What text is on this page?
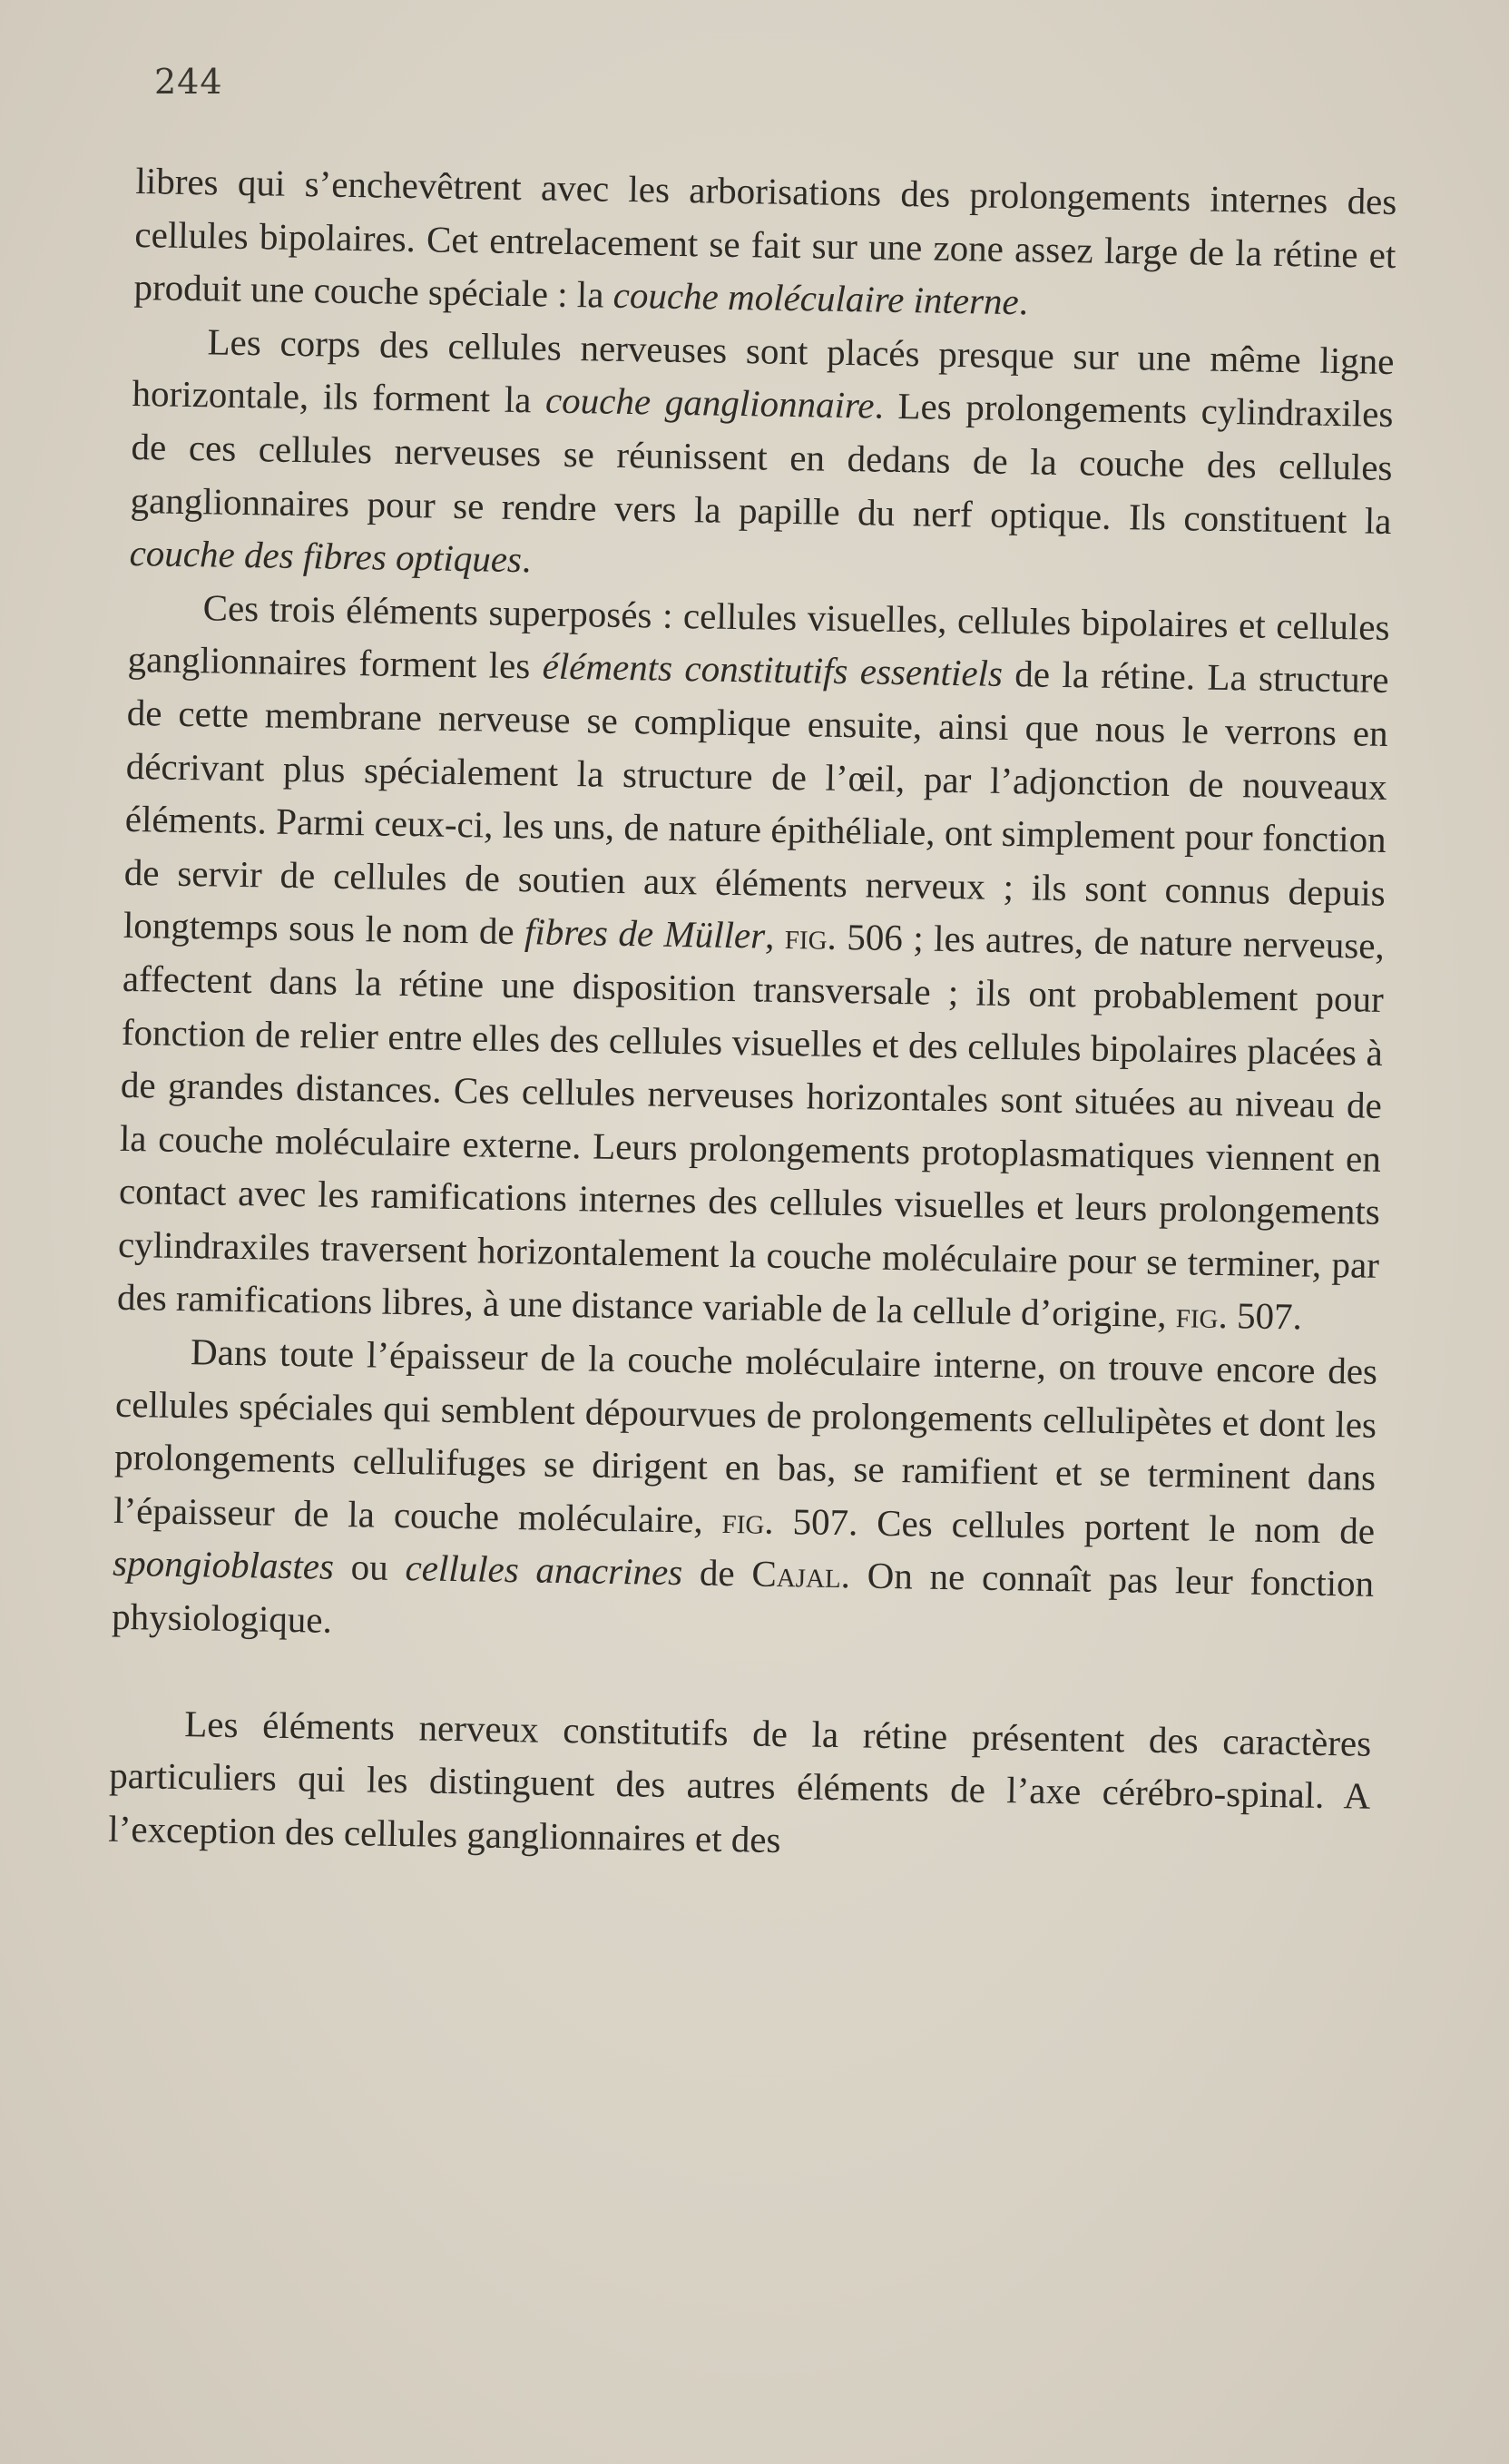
244

libres qui s’enchevêtrent avec les arborisations des prolongements internes des cellules bipolaires. Cet entrelacement se fait sur une zone assez large de la rétine et produit une couche spéciale : la couche moléculaire interne.

Les corps des cellules nerveuses sont placés presque sur une même ligne horizontale, ils forment la couche ganglionnaire. Les prolongements cylindraxiles de ces cellules nerveuses se réunissent en dedans de la couche des cellules ganglionnaires pour se rendre vers la papille du nerf optique. Ils constituent la couche des fibres optiques.

Ces trois éléments superposés : cellules visuelles, cellules bipolaires et cellules ganglionnaires forment les éléments constitutifs essentiels de la rétine. La structure de cette membrane nerveuse se complique ensuite, ainsi que nous le verrons en décrivant plus spécialement la structure de l’œil, par l’adjonction de nouveaux éléments. Parmi ceux-ci, les uns, de nature épithéliale, ont simplement pour fonction de servir de cellules de soutien aux éléments nerveux ; ils sont connus depuis longtemps sous le nom de fibres de Müller, fig. 506 ; les autres, de nature nerveuse, affectent dans la rétine une disposition transversale ; ils ont probablement pour fonction de relier entre elles des cellules visuelles et des cellules bipolaires placées à de grandes distances. Ces cellules nerveuses horizontales sont situées au niveau de la couche moléculaire externe. Leurs prolongements protoplasmatiques viennent en contact avec les ramifications internes des cellules visuelles et leurs prolongements cylindraxiles traversent horizontalement la couche moléculaire pour se terminer, par des ramifications libres, à une distance variable de la cellule d’origine, fig. 507.

Dans toute l’épaisseur de la couche moléculaire interne, on trouve encore des cellules spéciales qui semblent dépourvues de prolongements cellulipètes et dont les prolongements cellulifuges se dirigent en bas, se ramifient et se terminent dans l’épaisseur de la couche moléculaire, fig. 507. Ces cellules portent le nom de spongioblastes ou cellules anacrines de Cajal. On ne connaît pas leur fonction physiologique.

Les éléments nerveux constitutifs de la rétine présentent des caractères particuliers qui les distinguent des autres éléments de l’axe cérébro-spinal. A l’exception des cellules ganglionnaires et des
